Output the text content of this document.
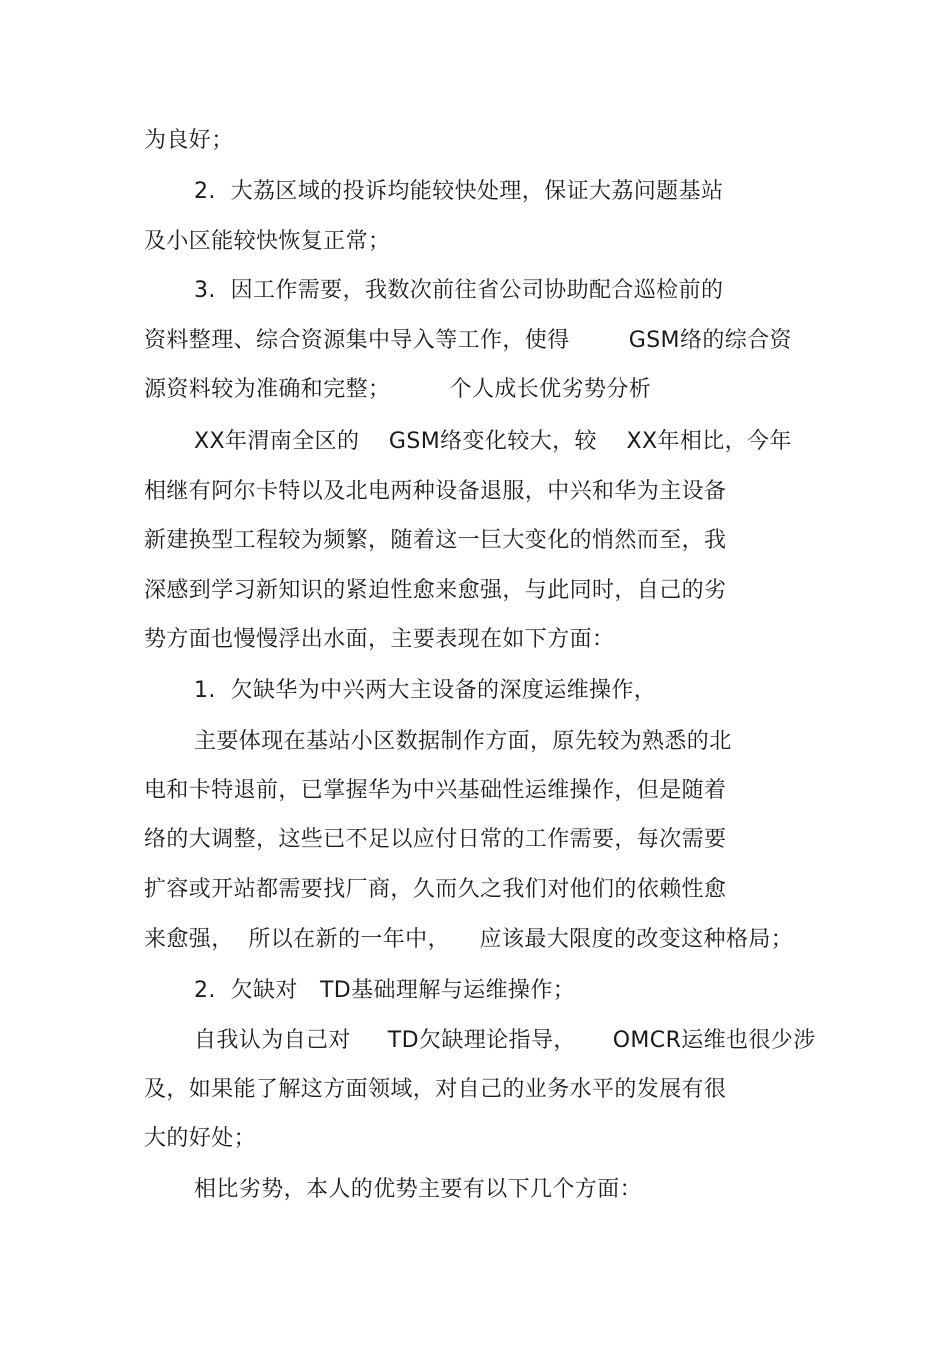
为良好；
2.  大荔区域的投诉均能较快处理，保证大荔问题基站
及小区能较快恢复正常；
3.  因工作需要，我数次前往省公司协助配合巡检前的
资料整理、综合资源集中导入等工作，使得        GSM络的综合资
源资料较为准确和完整；        个人成长优劣势分析
XX年渭南全区的    GSM络变化较大，较    XX年相比，今年
相继有阿尔卡特以及北电两种设备退服，中兴和华为主设备
新建换型工程较为频繁，随着这一巨大变化的悄然而至，我
深感到学习新知识的紧迫性愈来愈强，与此同时，自己的劣
势方面也慢慢浮出水面，主要表现在如下方面：
1.  欠缺华为中兴两大主设备的深度运维操作，
主要体现在基站小区数据制作方面，原先较为熟悉的北
电和卡特退前，已掌握华为中兴基础性运维操作，但是随着
络的大调整，这些已不足以应付日常的工作需要，每次需要
扩容或开站都需要找厂商，久而久之我们对他们的依赖性愈
来愈强，  所以在新的一年中，    应该最大限度的改变这种格局；
2.  欠缺对   TD基础理解与运维操作；
自我认为自己对     TD欠缺理论指导，     OMCR运维也很少涉
及，如果能了解这方面领域，对自己的业务水平的发展有很
大的好处；
相比劣势，本人的优势主要有以下几个方面：
